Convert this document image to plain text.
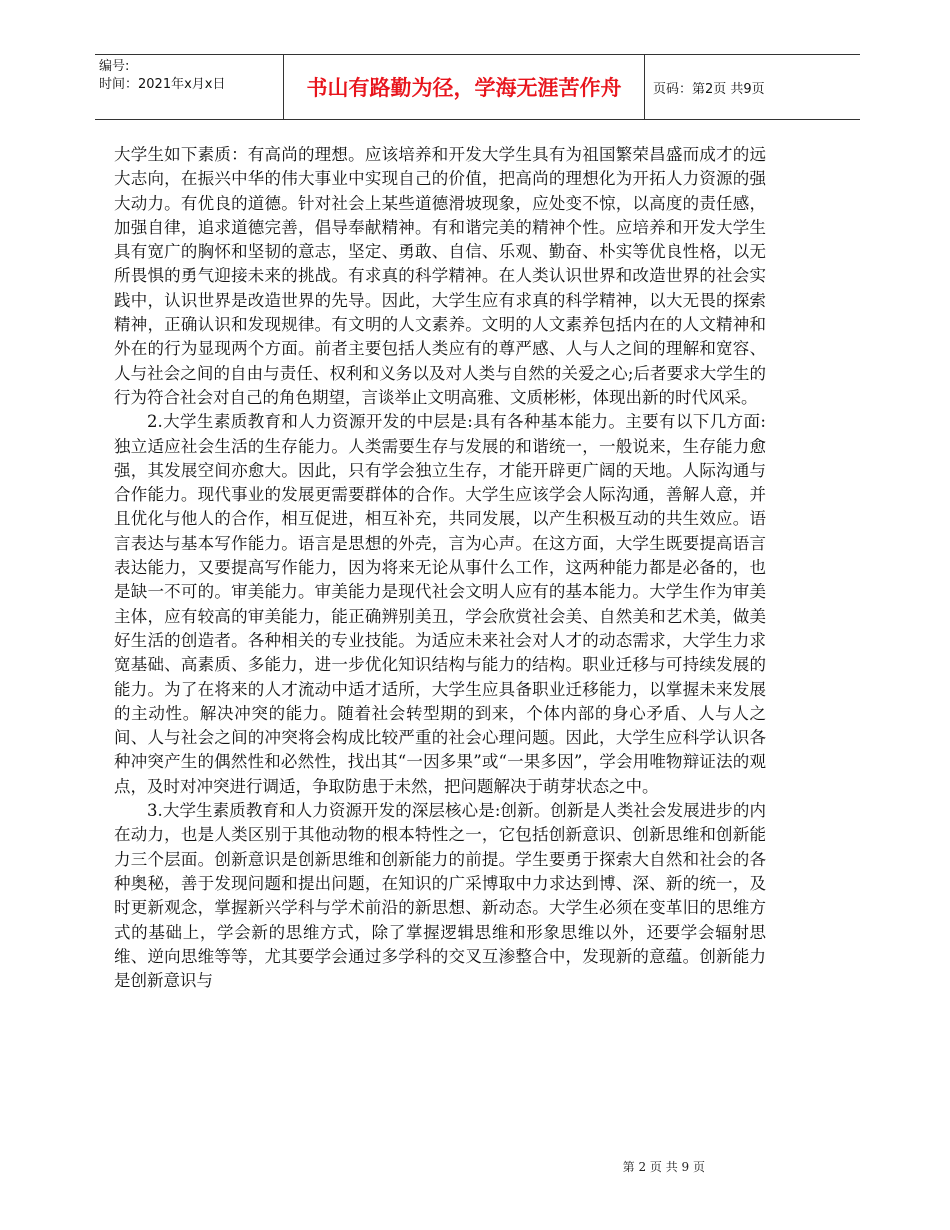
编号:
时间：2021年x月x日	书山有路勤为径，学海无涯苦作舟	页码：第2页 共9页

大学生如下素质：有高尚的理想。应该培养和开发大学生具有为祖国繁荣昌盛而成才的远大志向，在振兴中华的伟大事业中实现自己的价值，把高尚的理想化为开拓人力资源的强大动力。有优良的道德。针对社会上某些道德滑坡现象，应处变不惊，以高度的责任感，加强自律，追求道德完善，倡导奉献精神。有和谐完美的精神个性。应培养和开发大学生具有宽广的胸怀和坚韧的意志，坚定、勇敢、自信、乐观、勤奋、朴实等优良性格，以无所畏惧的勇气迎接未来的挑战。有求真的科学精神。在人类认识世界和改造世界的社会实践中，认识世界是改造世界的先导。因此，大学生应有求真的科学精神，以大无畏的探索精神，正确认识和发现规律。有文明的人文素养。文明的人文素养包括内在的人文精神和外在的行为显现两个方面。前者主要包括人类应有的尊严感、人与人之间的理解和宽容、人与社会之间的自由与责任、权利和义务以及对人类与自然的关爱之心;后者要求大学生的行为符合社会对自己的角色期望，言谈举止文明高雅、文质彬彬，体现出新的时代风采。

2.大学生素质教育和人力资源开发的中层是:具有各种基本能力。主要有以下几方面:独立适应社会生活的生存能力。人类需要生存与发展的和谐统一，一般说来，生存能力愈强，其发展空间亦愈大。因此，只有学会独立生存，才能开辟更广阔的天地。人际沟通与合作能力。现代事业的发展更需要群体的合作。大学生应该学会人际沟通，善解人意，并且优化与他人的合作，相互促进，相互补充，共同发展，以产生积极互动的共生效应。语言表达与基本写作能力。语言是思想的外壳，言为心声。在这方面，大学生既要提高语言表达能力，又要提高写作能力，因为将来无论从事什么工作，这两种能力都是必备的，也是缺一不可的。审美能力。审美能力是现代社会文明人应有的基本能力。大学生作为审美主体，应有较高的审美能力，能正确辨别美丑，学会欣赏社会美、自然美和艺术美，做美好生活的创造者。各种相关的专业技能。为适应未来社会对人才的动态需求，大学生力求宽基础、高素质、多能力，进一步优化知识结构与能力的结构。职业迁移与可持续发展的能力。为了在将来的人才流动中适才适所，大学生应具备职业迁移能力，以掌握未来发展的主动性。解决冲突的能力。随着社会转型期的到来，个体内部的身心矛盾、人与人之间、人与社会之间的冲突将会构成比较严重的社会心理问题。因此，大学生应科学认识各种冲突产生的偶然性和必然性，找出其“一因多果”或“一果多因”，学会用唯物辩证法的观点，及时对冲突进行调适，争取防患于未然，把问题解决于萌芽状态之中。

3.大学生素质教育和人力资源开发的深层核心是:创新。创新是人类社会发展进步的内在动力，也是人类区别于其他动物的根本特性之一，它包括创新意识、创新思维和创新能力三个层面。创新意识是创新思维和创新能力的前提。学生要勇于探索大自然和社会的各种奥秘，善于发现问题和提出问题，在知识的广采博取中力求达到博、深、新的统一，及时更新观念，掌握新兴学科与学术前沿的新思想、新动态。大学生必须在变革旧的思维方式的基础上，学会新的思维方式，除了掌握逻辑思维和形象思维以外，还要学会辐射思维、逆向思维等等，尤其要学会通过多学科的交叉互渗整合中，发现新的意蕴。创新能力是创新意识与

第 2 页 共 9 页
